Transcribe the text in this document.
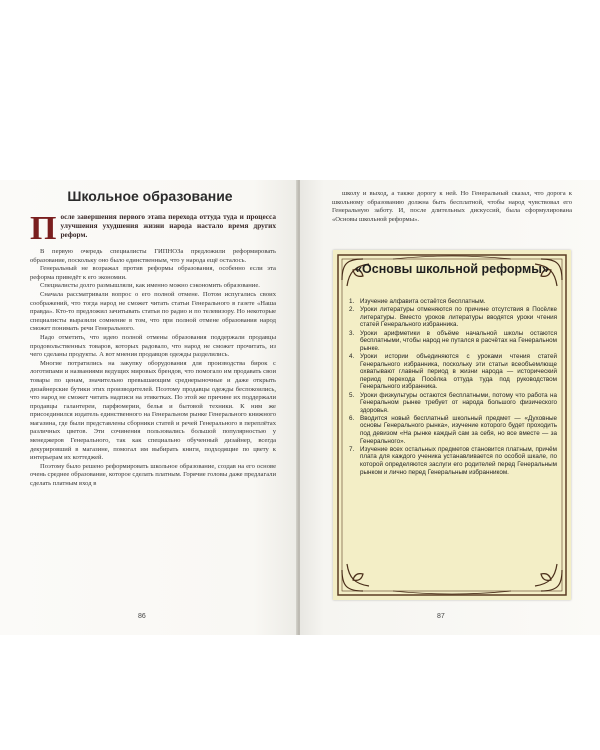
Школьное образование
П осле завершения первого этапа перехода оттуда туда и процесса улучшения ухудшения жизни народа настало время других реформ.

В первую очередь специалисты ГИПНОЗа предложили реформировать образование, поскольку оно было единственным, что у народа ещё осталось.

Генеральный не возражал против реформы образования, особенно если эта реформа приведёт к его экономии.

Специалисты долго размышляли, как именно можно сэкономить образование.

Сначала рассматривали вопрос о его полной отмене. Потом испугались своих соображений, что тогда народ не сможет читать статьи Генерального в газете «Наша правда». Кто-то предложил зачитывать статьи по радио и по телевизору. Но некоторые специалисты выразили сомнение в том, что при полной отмене образования народ сможет понимать речи Генерального.

Надо отметить, что идею полной отмены образования поддержали продавцы продовольственных товаров, которых радовало, что народ не сможет прочитать, из чего сделаны продукты. А вот мнения продавцов одежды разделились.

Многие потратились на закупку оборудования для производства бирок с логотипами и названиями ведущих мировых брендов, что помогало им продавать свои товары по ценам, значительно превышающим среднерыночные и даже открыть дизайнерские бутики этих производителей. Поэтому продавцы одежды беспокоились, что народ не сможет читать надписи на этикетках. По этой же причине их поддержали продавцы галантереи, парфюмерии, белья и бытовой техники. К ним же присоединился издатель единственного на Генеральном рынке Генерального книжного магазина, где были представлены сборники статей и речей Генерального в переплётах различных цветов. Эти сочинения пользовались большой популярностью у менеджеров Генерального, так как специально обученный дизайнер, всегда декурировший в магазине, помогал им выбирать книги, подходящие по цвету к интерьерам их коттеджей.

Поэтому было решено реформировать школьное образование, создав на его основе очень среднее образование, которое сделать платным. Горячие головы даже предлагали сделать платным вход в

86

школу и выход, а также дорогу к ней. Но Генеральный сказал, что дорога к школьному образованию должна быть бесплатной, чтобы народ чувствовал его Генеральную заботу. И, после длительных дискуссий, была сформулирована «Основы школьной реформы».

«Основы школьной реформы»
1. Изучение алфавита остаётся бесплатным.
2. Уроки литературы отменяются по причине отсутствия в Посёлке литературы. Вместо уроков литературы вводятся уроки чтения статей Генерального избранника.
3. Уроки арифметики в объёме начальной школы остаются бесплатными, чтобы народ не путался в расчётах на Генеральном рынке.
4. Уроки истории объединяются с уроками чтения статей Генерального избранника, поскольку эти статьи всеобъемлюще охватывают главный период в жизни народа — исторический период перехода Посёлка оттуда туда под руководством Генерального избранника.
5. Уроки физкультуры остаются бесплатными, потому что работа на Генеральном рынке требует от народа большого физического здоровья.
6. Вводится новый бесплатный школьный предмет — «Духовные основы Генерального рынка», изучение которого будет проходить под девизом «На рынке каждый сам за себя, но все вместе — за Генерального».
7. Изучение всех остальных предметов становится платным, причём плата для каждого ученика устанавливается по особой шкале, по которой определяются заслуги его родителей перед Генеральным рынком и лично перед Генеральным избранником.
87
